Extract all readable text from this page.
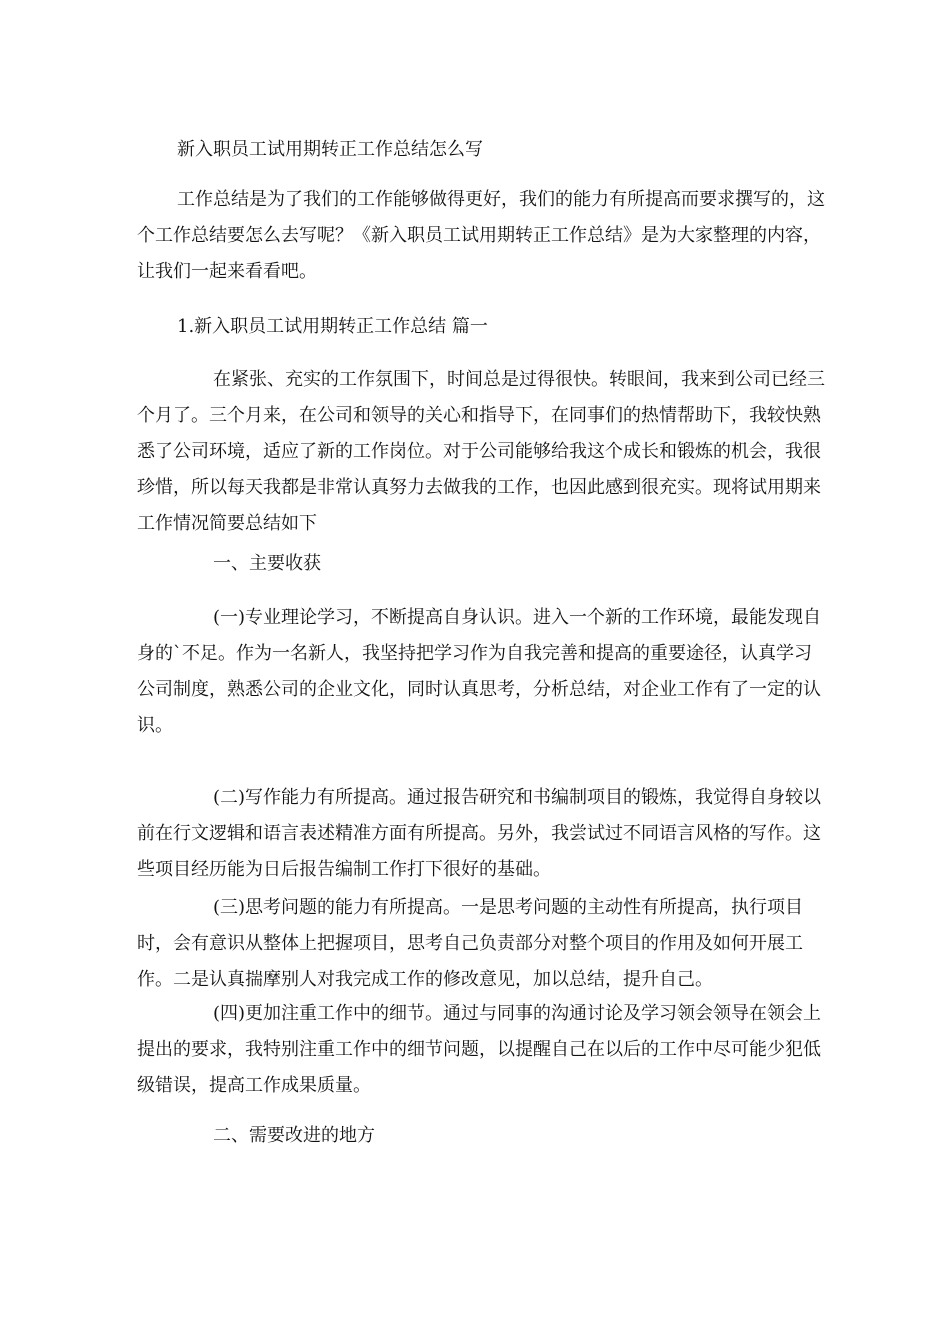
新入职员工试用期转正工作总结怎么写

工作总结是为了我们的工作能够做得更好，我们的能力有所提高而要求撰写的，这个工作总结要怎么去写呢？《新入职员工试用期转正工作总结》是为大家整理的内容，让我们一起来看看吧。

1.新入职员工试用期转正工作总结 篇一

在紧张、充实的工作氛围下，时间总是过得很快。转眼间，我来到公司已经三个月了。三个月来，在公司和领导的关心和指导下，在同事们的热情帮助下，我较快熟悉了公司环境，适应了新的工作岗位。对于公司能够给我这个成长和锻炼的机会，我很珍惜，所以每天我都是非常认真努力去做我的工作，也因此感到很充实。现将试用期来工作情况简要总结如下

一、主要收获

(一)专业理论学习，不断提高自身认识。进入一个新的工作环境，最能发现自身的`不足。作为一名新人，我坚持把学习作为自我完善和提高的重要途径，认真学习公司制度，熟悉公司的企业文化，同时认真思考，分析总结，对企业工作有了一定的认识。

(二)写作能力有所提高。通过报告研究和书编制项目的锻炼，我觉得自身较以前在行文逻辑和语言表述精准方面有所提高。另外，我尝试过不同语言风格的写作。这些项目经历能为日后报告编制工作打下很好的基础。

(三)思考问题的能力有所提高。一是思考问题的主动性有所提高，执行项目时，会有意识从整体上把握项目，思考自己负责部分对整个项目的作用及如何开展工作。二是认真揣摩别人对我完成工作的修改意见，加以总结，提升自己。

(四)更加注重工作中的细节。通过与同事的沟通讨论及学习领会领导在领会上提出的要求，我特别注重工作中的细节问题，以提醒自己在以后的工作中尽可能少犯低级错误，提高工作成果质量。

二、需要改进的地方
